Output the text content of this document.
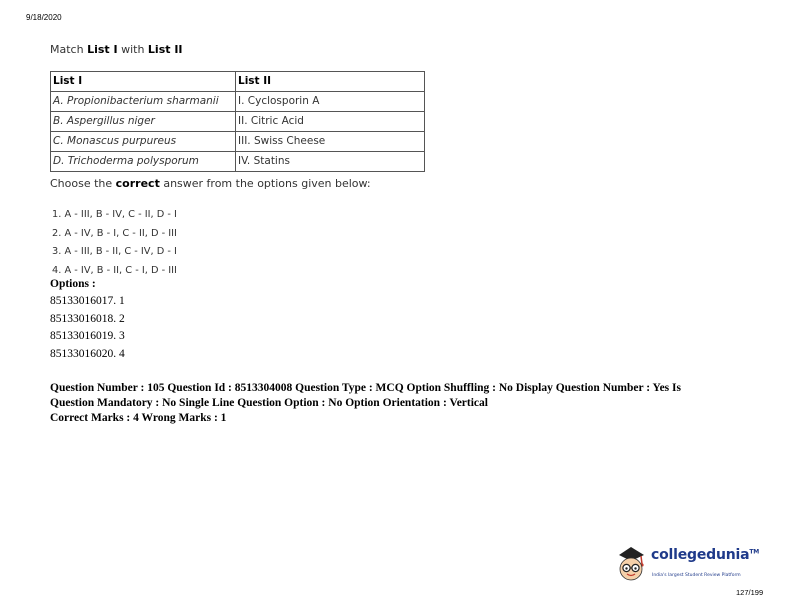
9/18/2020
Match List I with List II
List I	List II
A. Propionibacterium sharmanii	I. Cyclosporin A
B. Aspergillus niger	II. Citric Acid
C. Monascus purpureus	III. Swiss Cheese
D. Trichoderma polysporum	IV. Statins
Choose the correct answer from the options given below:
1. A - III, B - IV, C - II, D - I
2. A - IV, B - I, C - II, D - III
3. A - III, B - II, C - IV, D - I
4. A - IV, B - II, C - I, D - III
Options :
85133016017. 1
85133016018. 2
85133016019. 3
85133016020. 4
Question Number : 105 Question Id : 8513304008 Question Type : MCQ Option Shuffling : No Display Question Number : Yes Is
Question Mandatory : No Single Line Question Option : No Option Orientation : Vertical
Correct Marks : 4 Wrong Marks : 1
collegedunia™
India's largest Student Review Platform
127/199
